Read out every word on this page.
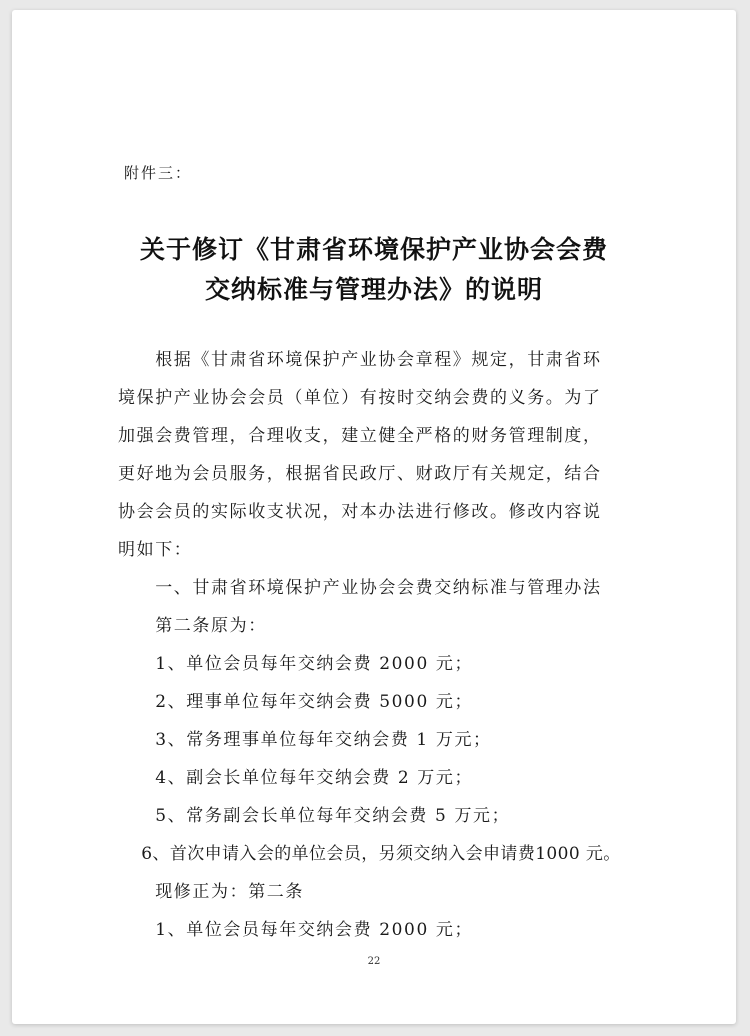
附件三：
关于修订《甘肃省环境保护产业协会会费
交纳标准与管理办法》的说明
　　根据《甘肃省环境保护产业协会章程》规定，甘肃省环
境保护产业协会会员（单位）有按时交纳会费的义务。为了
加强会费管理，合理收支，建立健全严格的财务管理制度，
更好地为会员服务，根据省民政厅、财政厅有关规定，结合
协会会员的实际收支状况，对本办法进行修改。修改内容说
明如下：
　　一、甘肃省环境保护产业协会会费交纳标准与管理办法
　　第二条原为：
　　1、单位会员每年交纳会费 2000 元；
　　2、理事单位每年交纳会费 5000 元；
　　3、常务理事单位每年交纳会费 1 万元；
　　4、副会长单位每年交纳会费 2 万元；
　　5、常务副会长单位每年交纳会费 5 万元；
　 6、首次申请入会的单位会员，另须交纳入会申请费1000 元。
　　现修正为：第二条
　　1、单位会员每年交纳会费 2000 元；
22
